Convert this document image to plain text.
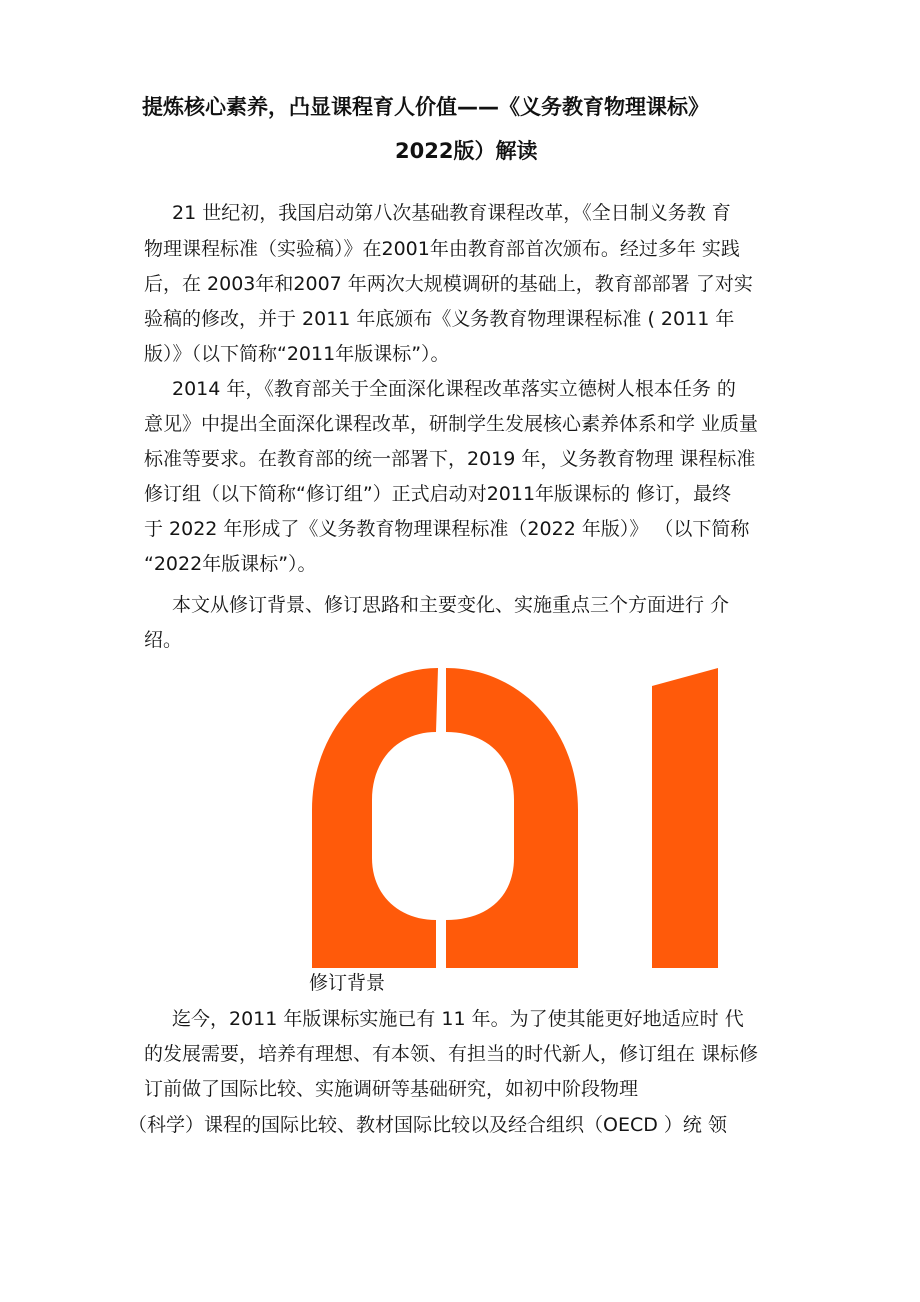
提炼核心素养，凸显课程育人价值——《义务教育物理课标》
2022版）解读
21 世纪初，我国启动第八次基础教育课程改革，《全日制义务教 育
物理课程标准（实验稿）》在2001年由教育部首次颁布。经过多年 实践
后，在 2003年和2007 年两次大规模调研的基础上，教育部部署 了对实
验稿的修改，并于 2011 年底颁布《义务教育物理课程标准 ( 2011 年
版）》（以下简称“2011年版课标”）。
2014 年，《教育部关于全面深化课程改革落实立德树人根本任务 的
意见》中提出全面深化课程改革，研制学生发展核心素养体系和学 业质量
标准等要求。在教育部的统一部署下，2019 年，义务教育物理 课程标准
修订组（以下简称“修订组”）正式启动对2011年版课标的 修订，最终
于 2022 年形成了《义务教育物理课程标准（2022 年版）》 （以下简称
“2022年版课标”）。
本文从修订背景、修订思路和主要变化、实施重点三个方面进行 介
绍。
修订背景
迄今，2011 年版课标实施已有 11 年。为了使其能更好地适应时 代
的发展需要，培养有理想、有本领、有担当的时代新人，修订组在 课标修
订前做了国际比较、实施调研等基础研究，如初中阶段物理
（科学）课程的国际比较、教材国际比较以及经合组织（OECD ）统 领
